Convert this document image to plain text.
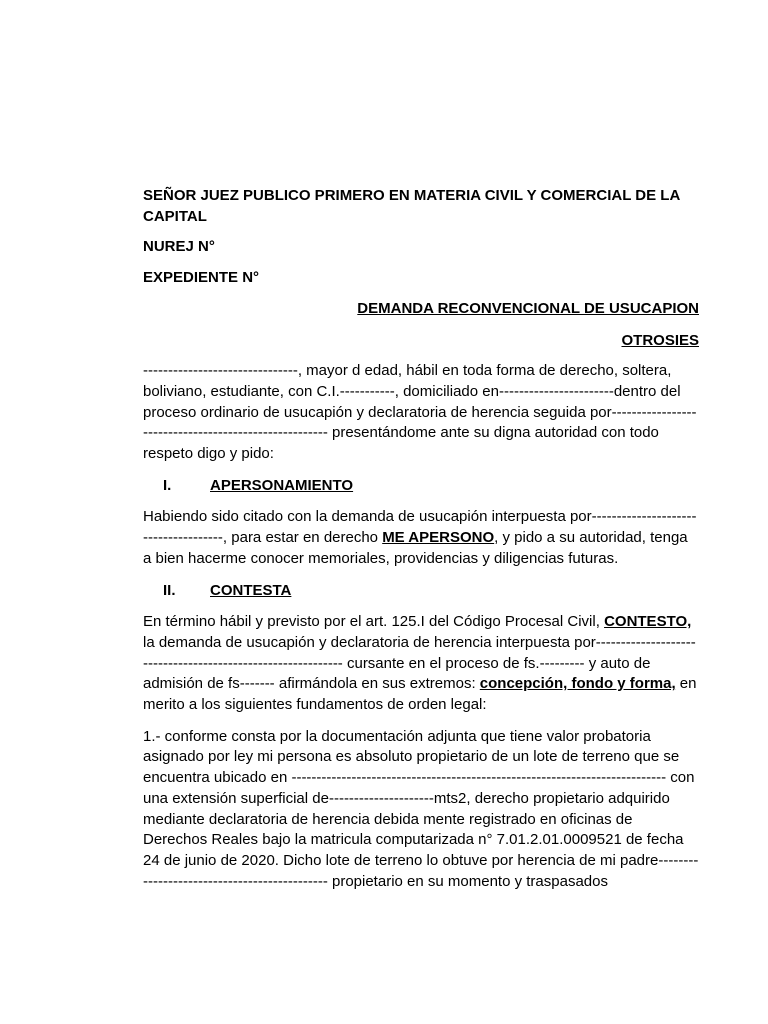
SEÑOR JUEZ PUBLICO PRIMERO EN MATERIA CIVIL Y COMERCIAL DE LA CAPITAL
NUREJ N°
EXPEDIENTE N°
DEMANDA RECONVENCIONAL DE USUCAPION
OTROSIES

-------------------------------, mayor d edad, hábil en toda forma de derecho, soltera, boliviano, estudiante, con C.I.-----------, domiciliado en-----------------------dentro del proceso ordinario de usucapión y declaratoria de herencia seguida por------------------------------------------------------ presentándome ante su digna autoridad con todo respeto digo y pido:

I.	APERSONAMIENTO

Habiendo sido citado con la demanda de usucapión interpuesta por-------------------------------------, para estar en derecho ME APERSONO, y pido a su autoridad, tenga a bien hacerme conocer memoriales, providencias y diligencias futuras.

II.	CONTESTA

En término hábil y previsto por el art. 125.I del Código Procesal Civil, CONTESTO, la demanda de usucapión y declaratoria de herencia interpuesta por------------------------------------------------------------ cursante en el proceso de fs.--------- y auto de admisión de fs------- afirmándola en sus extremos: concepción, fondo y forma, en merito a los siguientes fundamentos de orden legal:

1.- conforme consta por la documentación adjunta que tiene valor probatoria asignado por ley mi persona es absoluto propietario de un lote de terreno que se encuentra ubicado en --------------------------------------------------------------------------- con una extensión superficial de---------------------mts2, derecho propietario adquirido mediante declaratoria de herencia debida mente registrado en oficinas de Derechos Reales bajo la matricula computarizada n° 7.01.2.01.0009521 de fecha 24 de junio de 2020. Dicho lote de terreno lo obtuve por herencia de mi padre--------------------------------------------- propietario en su momento y traspasados
